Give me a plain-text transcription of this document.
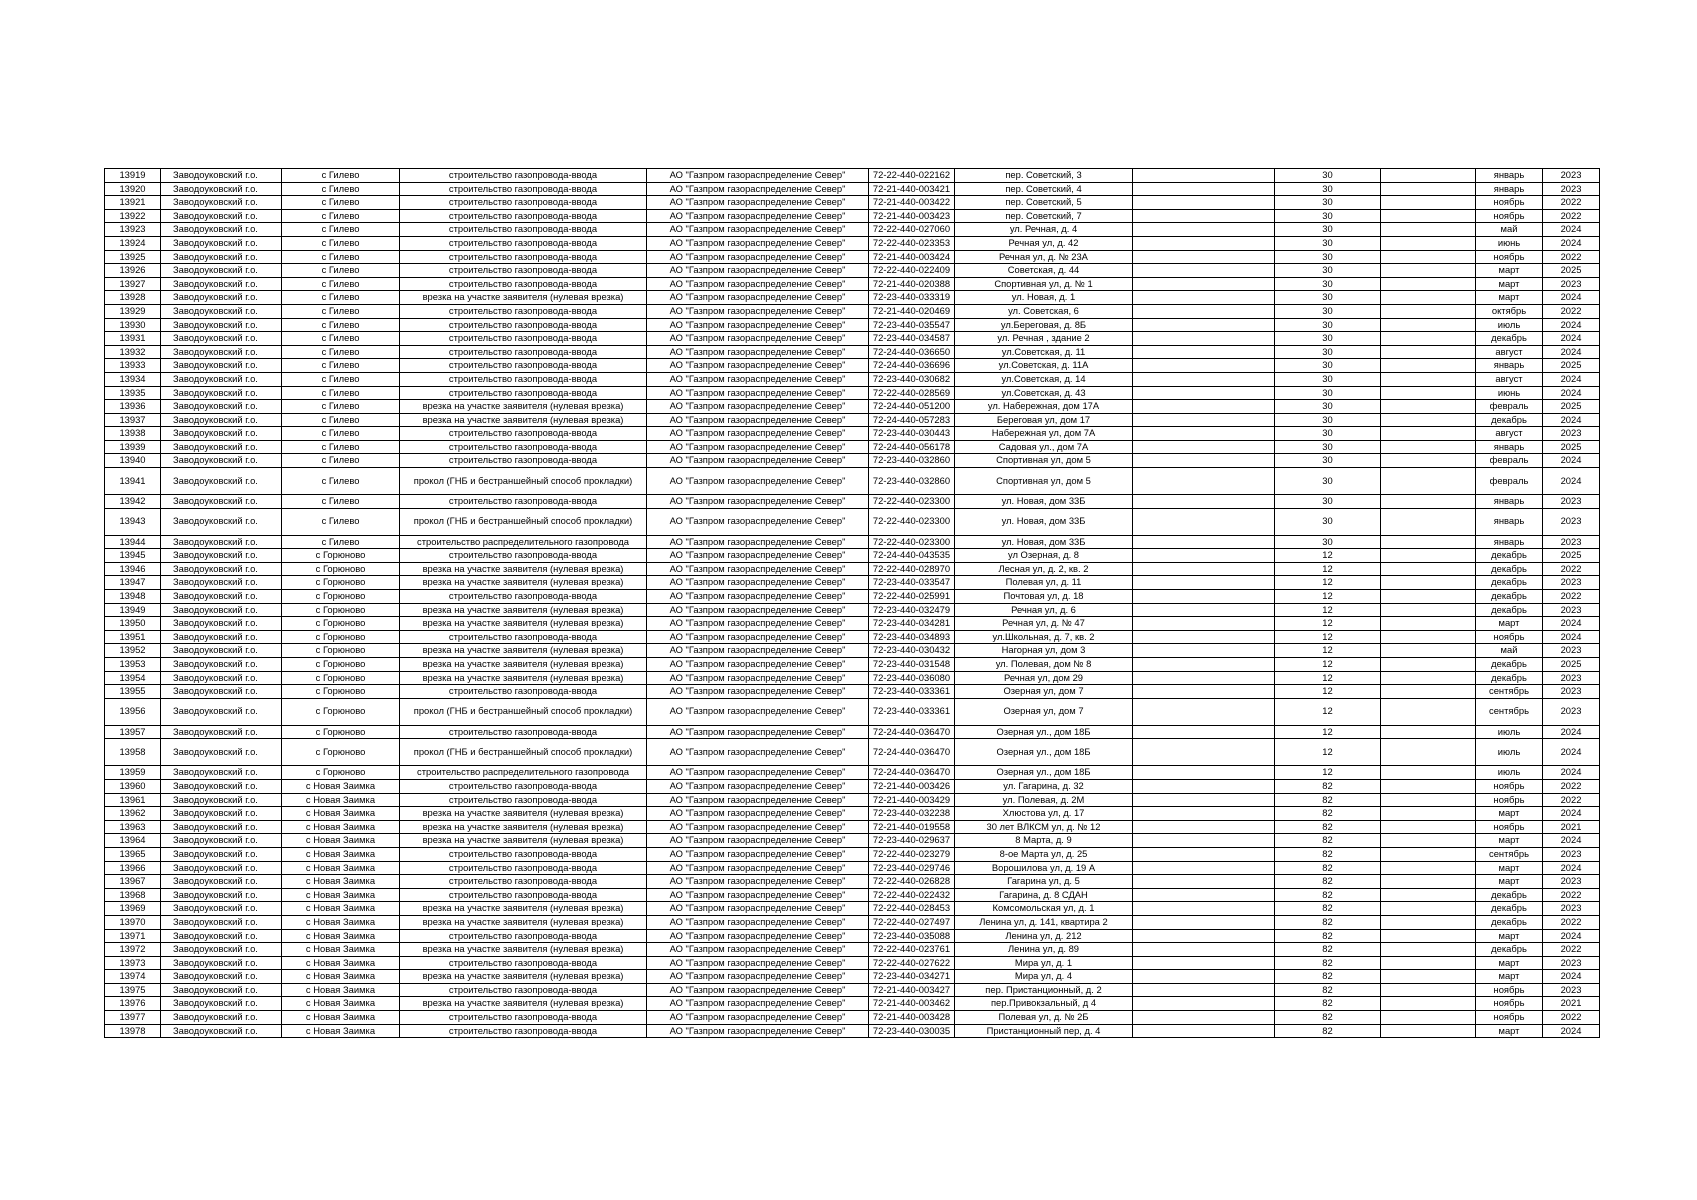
13919	Заводоуковский г.о.	с Гилево	строительство газопровода-ввода	АО "Газпром газораспределение Север"	72-22-440-022162	пер. Советский, 3		30		январь	2023
13920	Заводоуковский г.о.	с Гилево	строительство газопровода-ввода	АО "Газпром газораспределение Север"	72-21-440-003421	пер. Советский, 4		30		январь	2023
13921	Заводоуковский г.о.	с Гилево	строительство газопровода-ввода	АО "Газпром газораспределение Север"	72-21-440-003422	пер. Советский, 5		30		ноябрь	2022
13922	Заводоуковский г.о.	с Гилево	строительство газопровода-ввода	АО "Газпром газораспределение Север"	72-21-440-003423	пер. Советский, 7		30		ноябрь	2022
13923	Заводоуковский г.о.	с Гилево	строительство газопровода-ввода	АО "Газпром газораспределение Север"	72-22-440-027060	ул. Речная, д. 4		30		май	2024
13924	Заводоуковский г.о.	с Гилево	строительство газопровода-ввода	АО "Газпром газораспределение Север"	72-22-440-023353	Речная ул, д. 42		30		июнь	2024
13925	Заводоуковский г.о.	с Гилево	строительство газопровода-ввода	АО "Газпром газораспределение Север"	72-21-440-003424	Речная ул, д. № 23А		30		ноябрь	2022
13926	Заводоуковский г.о.	с Гилево	строительство газопровода-ввода	АО "Газпром газораспределение Север"	72-22-440-022409	Советская, д. 44		30		март	2025
13927	Заводоуковский г.о.	с Гилево	строительство газопровода-ввода	АО "Газпром газораспределение Север"	72-21-440-020388	Спортивная ул, д. № 1		30		март	2023
13928	Заводоуковский г.о.	с Гилево	врезка на участке заявителя (нулевая врезка)	АО "Газпром газораспределение Север"	72-23-440-033319	ул. Новая, д. 1		30		март	2024
13929	Заводоуковский г.о.	с Гилево	строительство газопровода-ввода	АО "Газпром газораспределение Север"	72-21-440-020469	ул. Советская, 6		30		октябрь	2022
13930	Заводоуковский г.о.	с Гилево	строительство газопровода-ввода	АО "Газпром газораспределение Север"	72-23-440-035547	ул.Береговая, д. 8Б		30		июль	2024
13931	Заводоуковский г.о.	с Гилево	строительство газопровода-ввода	АО "Газпром газораспределение Север"	72-23-440-034587	ул. Речная , здание 2		30		декабрь	2024
13932	Заводоуковский г.о.	с Гилево	строительство газопровода-ввода	АО "Газпром газораспределение Север"	72-24-440-036650	ул.Советская, д. 11		30		август	2024
13933	Заводоуковский г.о.	с Гилево	строительство газопровода-ввода	АО "Газпром газораспределение Север"	72-24-440-036696	ул.Советская, д. 11А		30		январь	2025
13934	Заводоуковский г.о.	с Гилево	строительство газопровода-ввода	АО "Газпром газораспределение Север"	72-23-440-030682	ул.Советская, д. 14		30		август	2024
13935	Заводоуковский г.о.	с Гилево	строительство газопровода-ввода	АО "Газпром газораспределение Север"	72-22-440-028569	ул.Советская, д. 43		30		июнь	2024
13936	Заводоуковский г.о.	с Гилево	врезка на участке заявителя (нулевая врезка)	АО "Газпром газораспределение Север"	72-24-440-051200	ул. Набережная, дом 17А		30		февраль	2025
13937	Заводоуковский г.о.	с Гилево	врезка на участке заявителя (нулевая врезка)	АО "Газпром газораспределение Север"	72-24-440-057283	Береговая ул, дом 17		30		декабрь	2024
13938	Заводоуковский г.о.	с Гилево	строительство газопровода-ввода	АО "Газпром газораспределение Север"	72-23-440-030443	Набережная ул, дом 7А		30		август	2023
13939	Заводоуковский г.о.	с Гилево	строительство газопровода-ввода	АО "Газпром газораспределение Север"	72-24-440-056178	Садовая ул., дом 7А		30		январь	2025
13940	Заводоуковский г.о.	с Гилево	строительство газопровода-ввода	АО "Газпром газораспределение Север"	72-23-440-032860	Спортивная ул, дом 5		30		февраль	2024
13941	Заводоуковский г.о.	с Гилево	прокол (ГНБ и бестраншейный способ прокладки)	АО "Газпром газораспределение Север"	72-23-440-032860	Спортивная ул, дом 5		30		февраль	2024
13942	Заводоуковский г.о.	с Гилево	строительство газопровода-ввода	АО "Газпром газораспределение Север"	72-22-440-023300	ул. Новая, дом 33Б		30		январь	2023
13943	Заводоуковский г.о.	с Гилево	прокол (ГНБ и бестраншейный способ прокладки)	АО "Газпром газораспределение Север"	72-22-440-023300	ул. Новая, дом 33Б		30		январь	2023
13944	Заводоуковский г.о.	с Гилево	строительство распределительного газопровода	АО "Газпром газораспределение Север"	72-22-440-023300	ул. Новая, дом 33Б		30		январь	2023
13945	Заводоуковский г.о.	с Горюново	строительство газопровода-ввода	АО "Газпром газораспределение Север"	72-24-440-043535	ул Озерная, д. 8		12		декабрь	2025
13946	Заводоуковский г.о.	с Горюново	врезка на участке заявителя (нулевая врезка)	АО "Газпром газораспределение Север"	72-22-440-028970	Лесная ул, д. 2, кв. 2		12		декабрь	2022
13947	Заводоуковский г.о.	с Горюново	врезка на участке заявителя (нулевая врезка)	АО "Газпром газораспределение Север"	72-23-440-033547	Полевая ул, д. 11		12		декабрь	2023
13948	Заводоуковский г.о.	с Горюново	строительство газопровода-ввода	АО "Газпром газораспределение Север"	72-22-440-025991	Почтовая ул, д. 18		12		декабрь	2022
13949	Заводоуковский г.о.	с Горюново	врезка на участке заявителя (нулевая врезка)	АО "Газпром газораспределение Север"	72-23-440-032479	Речная ул, д. 6		12		декабрь	2023
13950	Заводоуковский г.о.	с Горюново	врезка на участке заявителя (нулевая врезка)	АО "Газпром газораспределение Север"	72-23-440-034281	Речная ул, д. № 47		12		март	2024
13951	Заводоуковский г.о.	с Горюново	строительство газопровода-ввода	АО "Газпром газораспределение Север"	72-23-440-034893	ул.Школьная, д. 7, кв. 2		12		ноябрь	2024
13952	Заводоуковский г.о.	с Горюново	врезка на участке заявителя (нулевая врезка)	АО "Газпром газораспределение Север"	72-23-440-030432	Нагорная ул, дом 3		12		май	2023
13953	Заводоуковский г.о.	с Горюново	врезка на участке заявителя (нулевая врезка)	АО "Газпром газораспределение Север"	72-23-440-031548	ул. Полевая, дом № 8		12		декабрь	2025
13954	Заводоуковский г.о.	с Горюново	врезка на участке заявителя (нулевая врезка)	АО "Газпром газораспределение Север"	72-23-440-036080	Речная ул, дом 29		12		декабрь	2023
13955	Заводоуковский г.о.	с Горюново	строительство газопровода-ввода	АО "Газпром газораспределение Север"	72-23-440-033361	Озерная ул, дом 7		12		сентябрь	2023
13956	Заводоуковский г.о.	с Горюново	прокол (ГНБ и бестраншейный способ прокладки)	АО "Газпром газораспределение Север"	72-23-440-033361	Озерная ул, дом 7		12		сентябрь	2023
13957	Заводоуковский г.о.	с Горюново	строительство газопровода-ввода	АО "Газпром газораспределение Север"	72-24-440-036470	Озерная ул., дом 18Б		12		июль	2024
13958	Заводоуковский г.о.	с Горюново	прокол (ГНБ и бестраншейный способ прокладки)	АО "Газпром газораспределение Север"	72-24-440-036470	Озерная ул., дом 18Б		12		июль	2024
13959	Заводоуковский г.о.	с Горюново	строительство распределительного газопровода	АО "Газпром газораспределение Север"	72-24-440-036470	Озерная ул., дом 18Б		12		июль	2024
13960	Заводоуковский г.о.	с Новая Заимка	строительство газопровода-ввода	АО "Газпром газораспределение Север"	72-21-440-003426	ул. Гагарина, д. 32		82		ноябрь	2022
13961	Заводоуковский г.о.	с Новая Заимка	строительство газопровода-ввода	АО "Газпром газораспределение Север"	72-21-440-003429	ул. Полевая, д. 2М		82		ноябрь	2022
13962	Заводоуковский г.о.	с Новая Заимка	врезка на участке заявителя (нулевая врезка)	АО "Газпром газораспределение Север"	72-23-440-032238	Хлюстова ул, д. 17		82		март	2024
13963	Заводоуковский г.о.	с Новая Заимка	врезка на участке заявителя (нулевая врезка)	АО "Газпром газораспределение Север"	72-21-440-019558	30 лет ВЛКСМ ул, д. № 12		82		ноябрь	2021
13964	Заводоуковский г.о.	с Новая Заимка	врезка на участке заявителя (нулевая врезка)	АО "Газпром газораспределение Север"	72-23-440-029637	8 Марта, д. 9		82		март	2024
13965	Заводоуковский г.о.	с Новая Заимка	строительство газопровода-ввода	АО "Газпром газораспределение Север"	72-22-440-023279	8-ое Марта ул, д. 25		82		сентябрь	2023
13966	Заводоуковский г.о.	с Новая Заимка	строительство газопровода-ввода	АО "Газпром газораспределение Север"	72-23-440-029746	Ворошилова ул, д. 19 А		82		март	2024
13967	Заводоуковский г.о.	с Новая Заимка	строительство газопровода-ввода	АО "Газпром газораспределение Север"	72-22-440-026828	Гагарина ул, д. 5		82		март	2023
13968	Заводоуковский г.о.	с Новая Заимка	строительство газопровода-ввода	АО "Газпром газораспределение Север"	72-22-440-022432	Гагарина, д. 8 СДАН		82		декабрь	2022
13969	Заводоуковский г.о.	с Новая Заимка	врезка на участке заявителя (нулевая врезка)	АО "Газпром газораспределение Север"	72-22-440-028453	Комсомольская ул, д. 1		82		декабрь	2023
13970	Заводоуковский г.о.	с Новая Заимка	врезка на участке заявителя (нулевая врезка)	АО "Газпром газораспределение Север"	72-22-440-027497	Ленина ул, д. 141, квартира 2		82		декабрь	2022
13971	Заводоуковский г.о.	с Новая Заимка	строительство газопровода-ввода	АО "Газпром газораспределение Север"	72-23-440-035088	Ленина ул, д. 212		82		март	2024
13972	Заводоуковский г.о.	с Новая Заимка	врезка на участке заявителя (нулевая врезка)	АО "Газпром газораспределение Север"	72-22-440-023761	Ленина ул, д. 89		82		декабрь	2022
13973	Заводоуковский г.о.	с Новая Заимка	строительство газопровода-ввода	АО "Газпром газораспределение Север"	72-22-440-027622	Мира ул, д. 1		82		март	2023
13974	Заводоуковский г.о.	с Новая Заимка	врезка на участке заявителя (нулевая врезка)	АО "Газпром газораспределение Север"	72-23-440-034271	Мира ул, д. 4		82		март	2024
13975	Заводоуковский г.о.	с Новая Заимка	строительство газопровода-ввода	АО "Газпром газораспределение Север"	72-21-440-003427	пер. Пристанционный, д. 2		82		ноябрь	2023
13976	Заводоуковский г.о.	с Новая Заимка	врезка на участке заявителя (нулевая врезка)	АО "Газпром газораспределение Север"	72-21-440-003462	пер.Привокзальный, д 4		82		ноябрь	2021
13977	Заводоуковский г.о.	с Новая Заимка	строительство газопровода-ввода	АО "Газпром газораспределение Север"	72-21-440-003428	Полевая ул, д. № 2Б		82		ноябрь	2022
13978	Заводоуковский г.о.	с Новая Заимка	строительство газопровода-ввода	АО "Газпром газораспределение Север"	72-23-440-030035	Пристанционный пер, д. 4		82		март	2024
